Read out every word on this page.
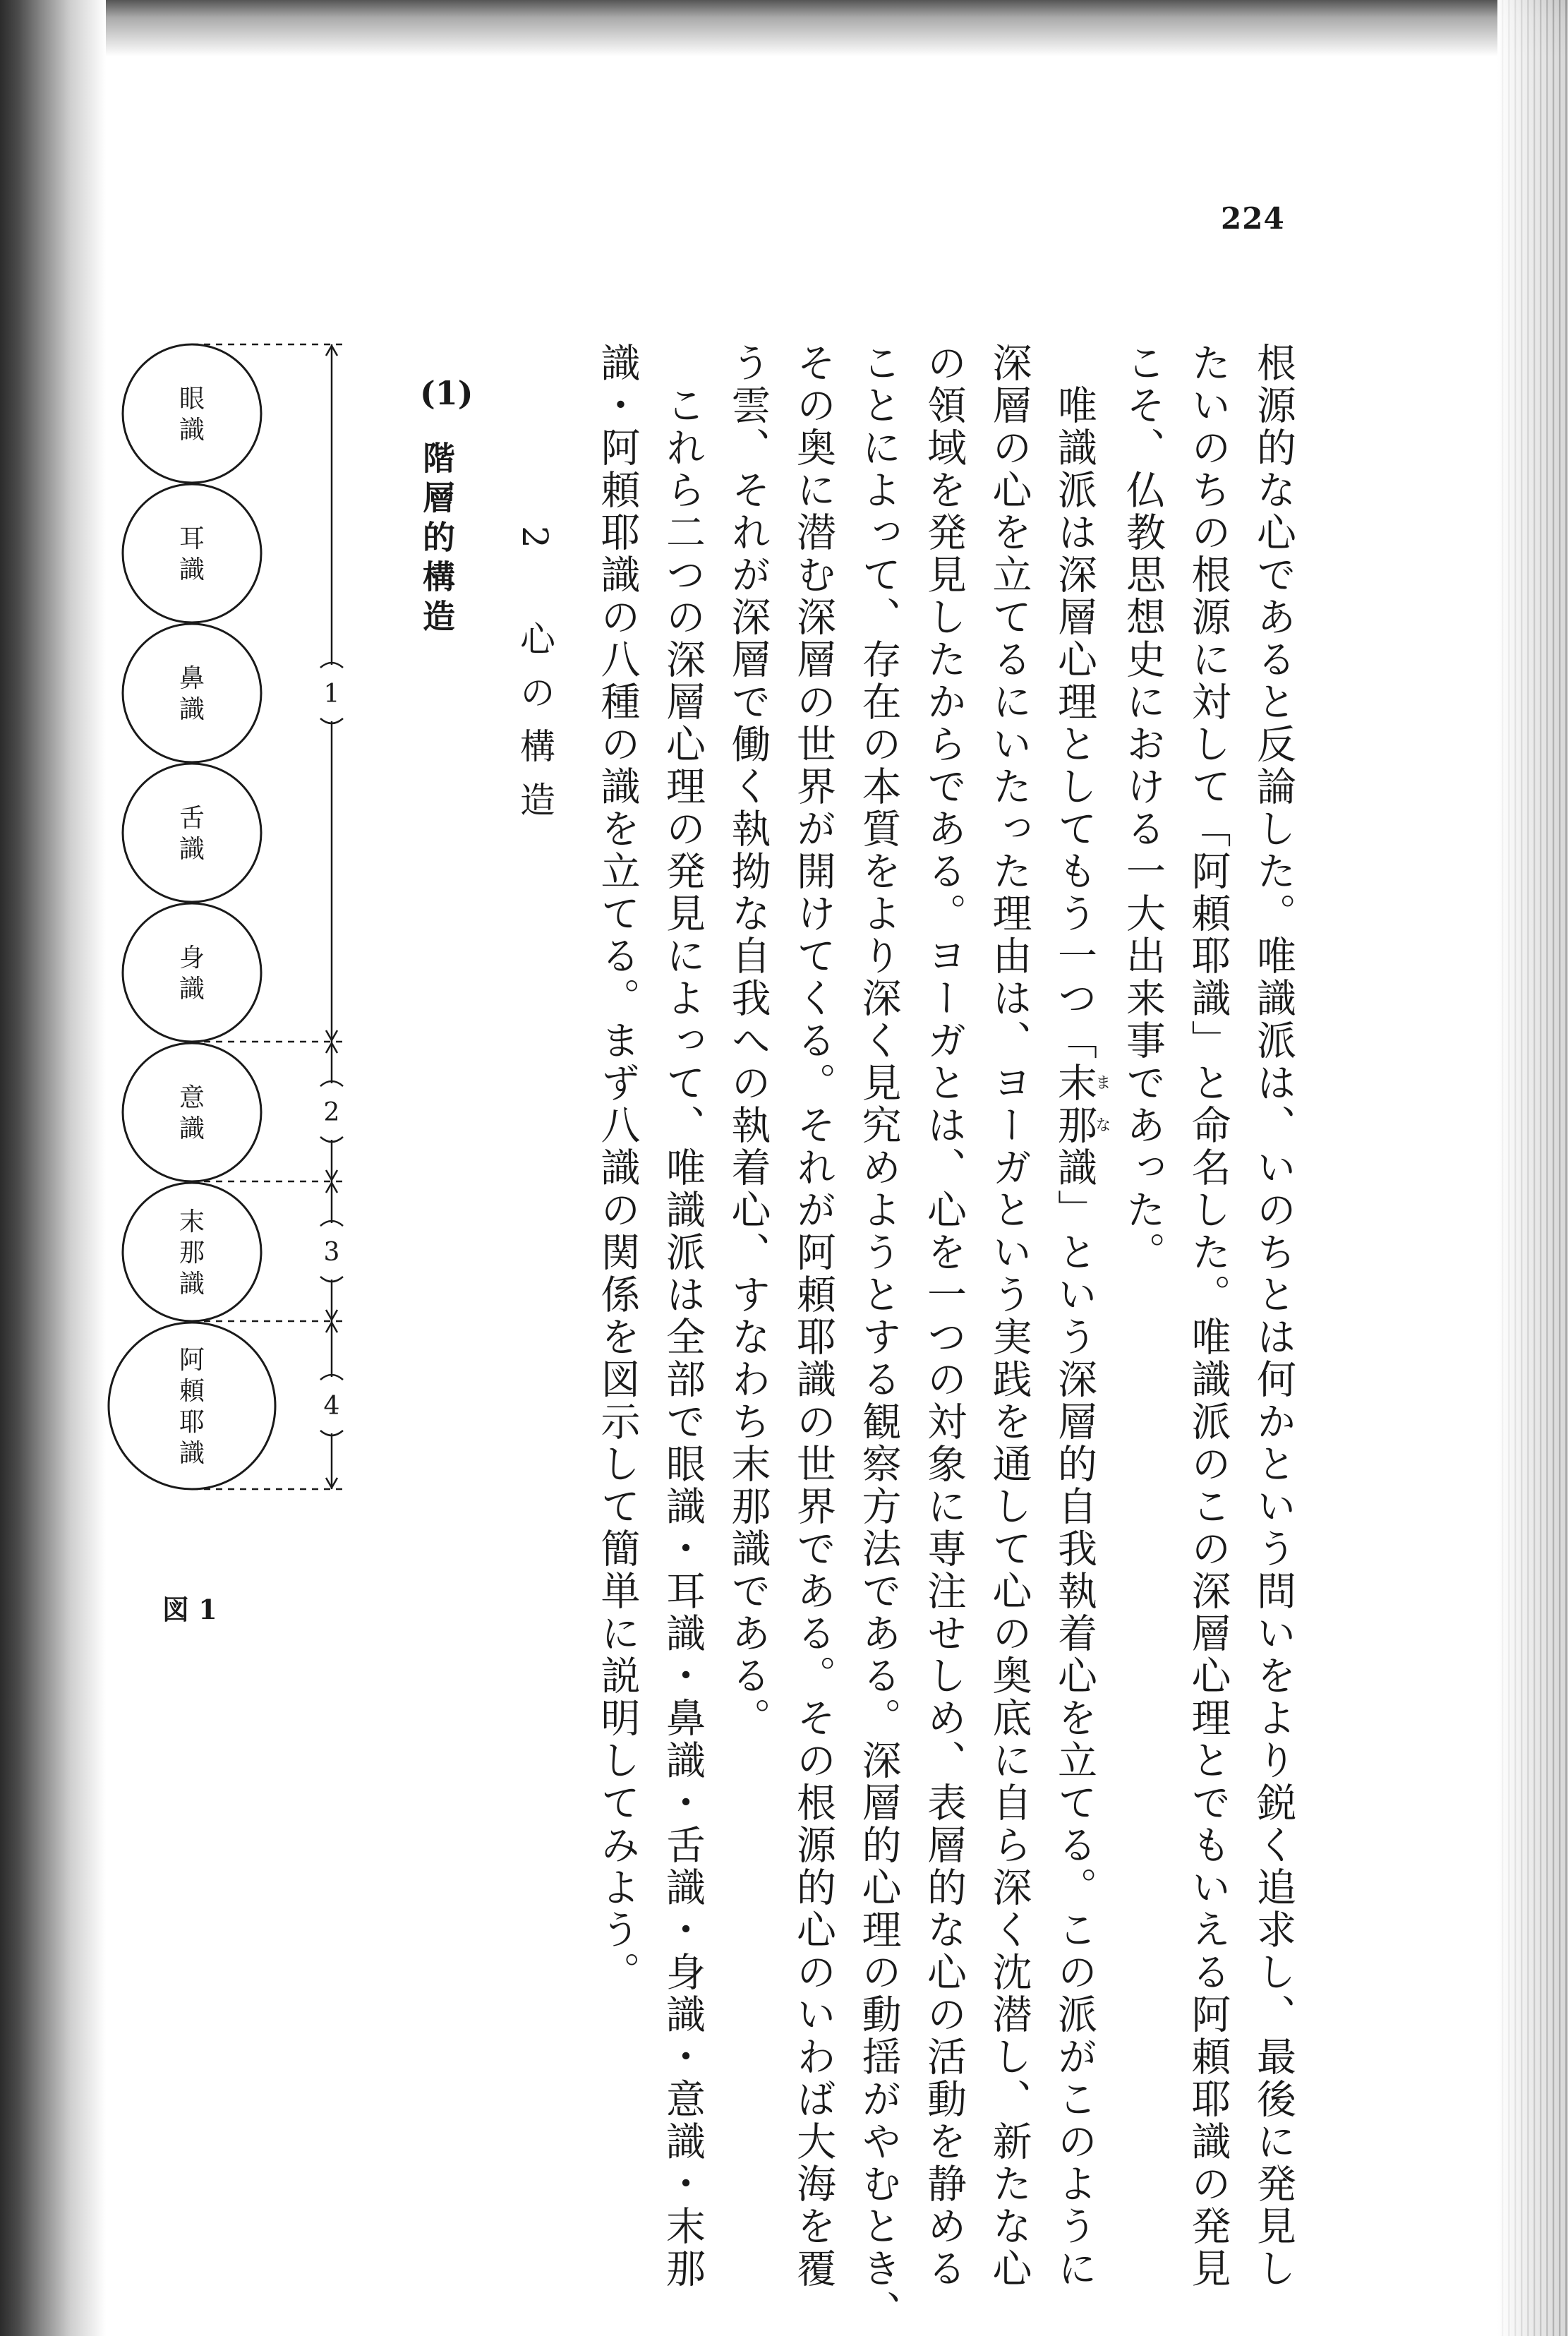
224
根源的な心であると反論した。唯識派は、いのちとは何かという問いをより鋭く追求し、最後に発見し
たいのちの根源に対して「阿頼耶識」と命名した。唯識派のこの深層心理とでもいえる阿頼耶識の発見
こそ、仏教思想史における一大出来事であった。
　唯識派は深層心理としてもう一つ「末那まな識」という深層的自我執着心を立てる。この派がこのように
深層の心を立てるにいたった理由は、ヨーガという実践を通して心の奥底に自ら深く沈潜し、新たな心
の領域を発見したからである。ヨーガとは、心を一つの対象に専注せしめ、表層的な心の活動を静める
ことによって、存在の本質をより深く見究めようとする観察方法である。深層的心理の動揺がやむとき、
その奥に潜む深層の世界が開けてくる。それが阿頼耶識の世界である。その根源的心のいわば大海を覆
う雲、それが深層で働く執拗な自我への執着心、すなわち末那識である。
　これら二つの深層心理の発見によって、唯識派は全部で眼識・耳識・鼻識・舌識・身識・意識・末那
識・阿頼耶識の八種の識を立てる。まず八識の関係を図示して簡単に説明してみよう。
2　心の構造
(1)
階層的構造
眼
識
耳
識
鼻
識
舌
識
身
識
意
識
末
那
識
阿
頼
耶
識
1
2
3
4
図 1
